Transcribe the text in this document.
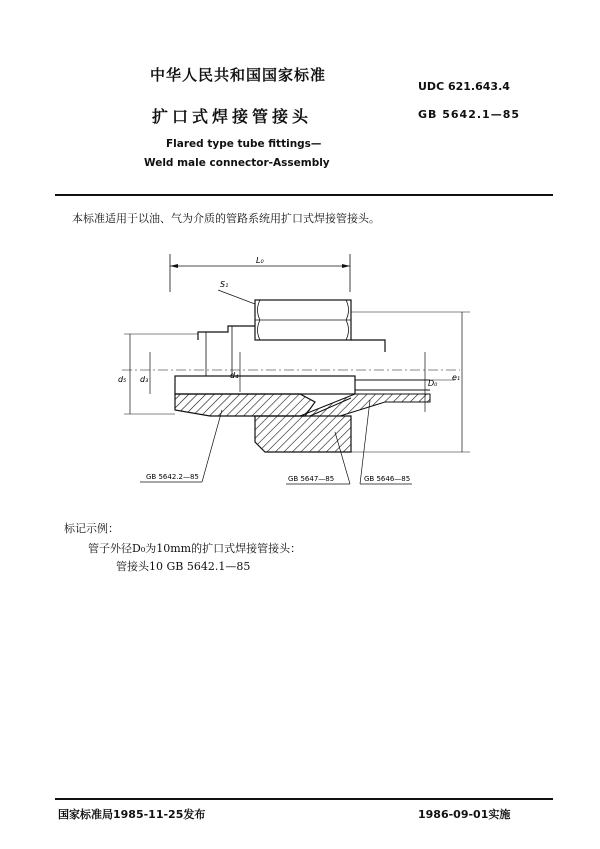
中华人民共和国国家标准
UDC 621.643.4
扩口式焊接管接头	GB 5642.1—85
Flared type tube fittings—
Weld male connector-Assembly
本标准适用于以油、气为介质的管路系统用扩口式焊接管接头。
L₀
S₁
d₅ d₃	d₄
D₀
e₁
GB 5642.2—85	GB 5647—85	GB 5646—85
标记示例：
管子外径D₀为10mm的扩口式焊接管接头：
管接头10 GB 5642.1—85
国家标准局1985-11-25发布	1986-09-01实施
